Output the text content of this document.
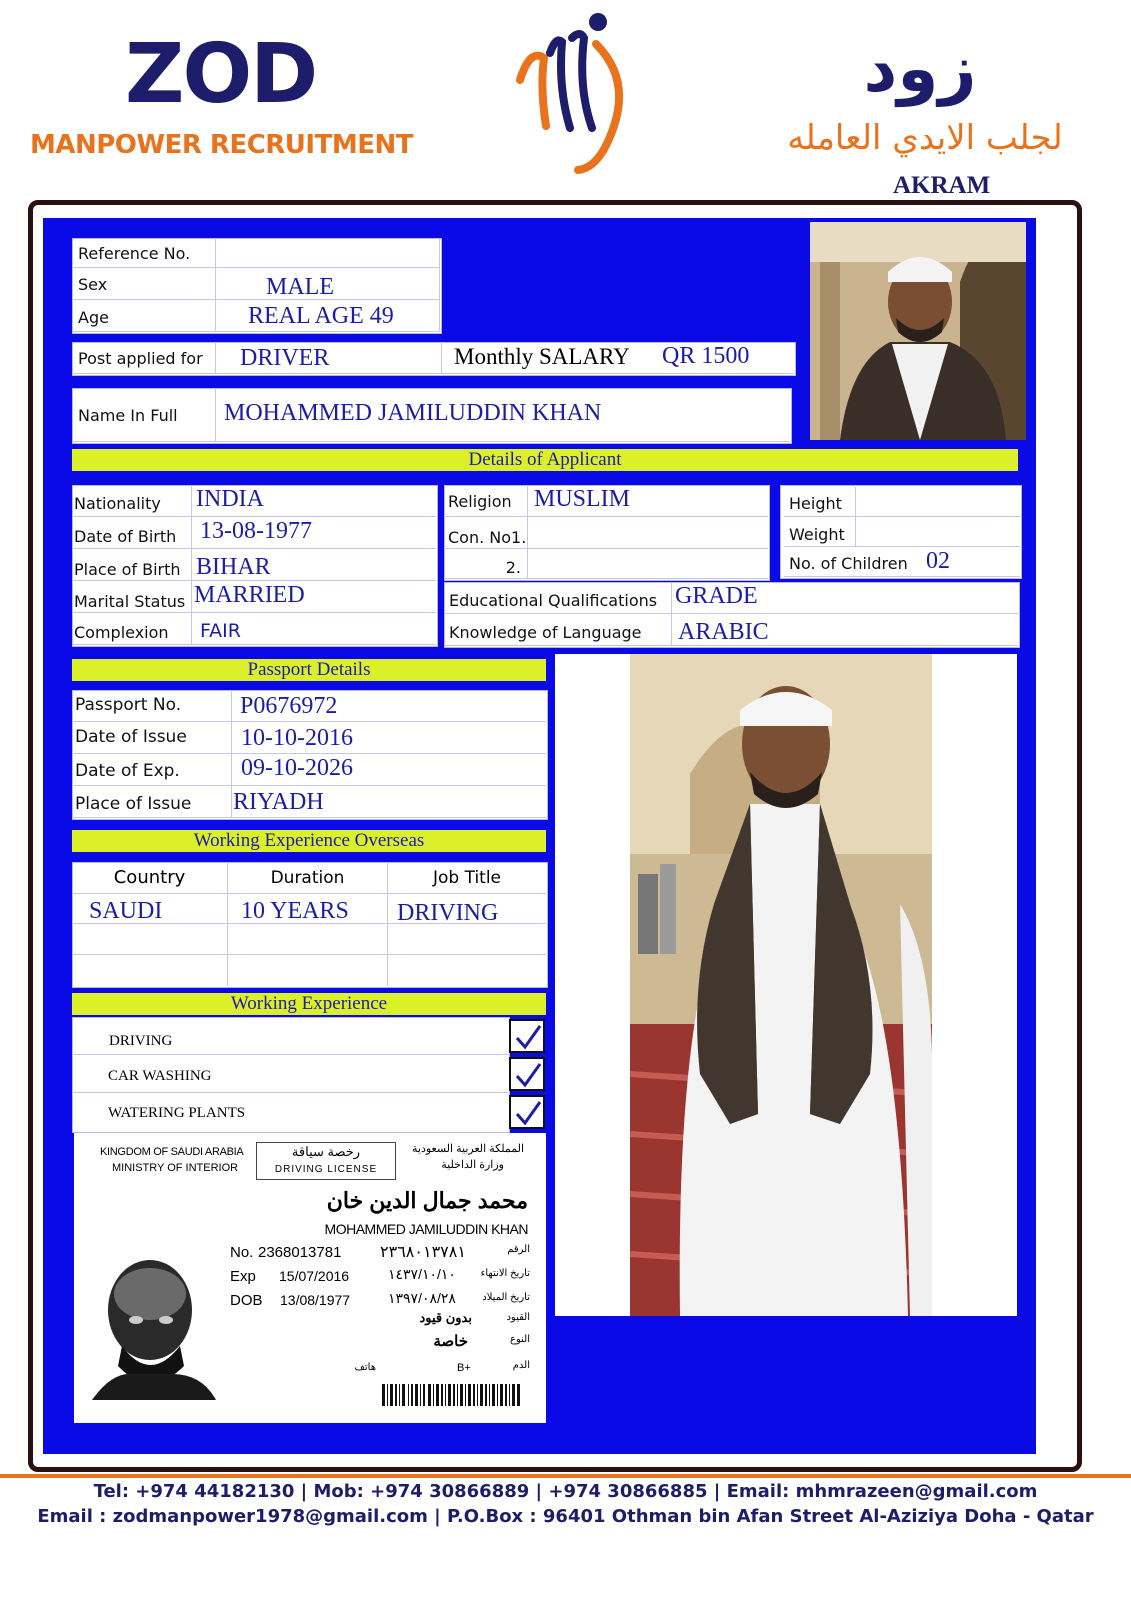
ZOD
MANPOWER RECRUITMENT
زود
لجلب الايدي العامله
AKRAM
Reference No.
Sex	MALE
Age	REAL AGE 49
Post applied for	DRIVER	Monthly SALARY	QR 1500
Name In Full	MOHAMMED JAMILUDDIN KHAN
Details of Applicant
Nationality	INDIA
Date of Birth 13-08-1977
Place of Birth BIHAR
Marital Status MARRIED
Complexion	FAIR
Religion MUSLIM
Con. No1.
2.
Height
Weight
No. of Children 02
Educational Qualifications GRADE
Knowledge of Language	ARABIC
Passport Details
Passport No.	P0676972
Date of Issue	10-10-2016
Date of Exp.	09-10-2026
Place of Issue	RIYADH
Working Experience Overseas
Country	Duration	Job Title
SAUDI	10 YEARS	DRIVING
Working Experience
DRIVING
CAR WASHING
WATERING PLANTS
KINGDOM OF SAUDI ARABIA
MINISTRY OF INTERIOR
رخصة سياقة
DRIVING LICENSE
المملكة العربية السعودية
وزارة الداخلية
محمد جمال الدين خان
MOHAMMED JAMILUDDIN KHAN
No. 2368013781 ٢٣٦٨٠١٣٧٨١	الرقم
Exp 15/07/2016	١٤٣٧/١٠/١٠	تاريخ الانتهاء
DOB 13/08/1977	١٣٩٧/٠٨/٢٨	تاريخ الميلاد
بدون قيود	القيود
خاصة	النوع
هاتف	B+	الدم
Tel: +974 44182130 | Mob: +974 30866889 | +974 30866885 | Email: mhmrazeen@gmail.com
Email : zodmanpower1978@gmail.com | P.O.Box : 96401 Othman bin Afan Street Al-Aziziya Doha - Qatar
